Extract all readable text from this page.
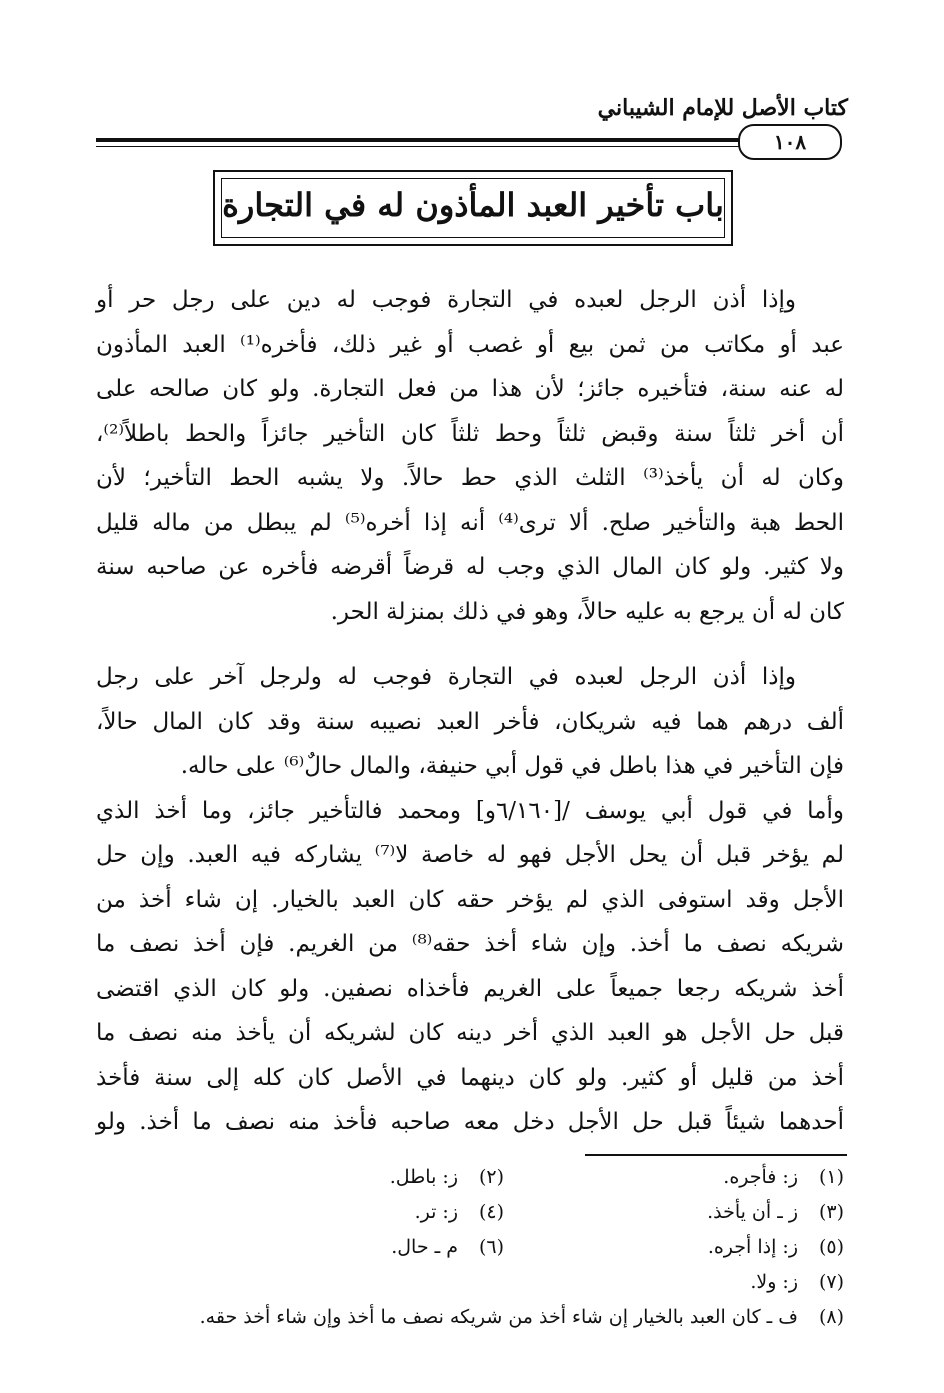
كتاب الأصل للإمام الشيباني
١٠٨
باب تأخير العبد المأذون له في التجارة
وإذا أذن الرجل لعبده في التجارة فوجب له دين على رجل حر أو
عبد أو مكاتب من ثمن بيع أو غصب أو غير ذلك، فأخره⁽¹⁾ العبد المأذون
له عنه سنة، فتأخيره جائز؛ لأن هذا من فعل التجارة. ولو كان صالحه على
أن أخر ثلثاً سنة وقبض ثلثاً وحط ثلثاً كان التأخير جائزاً والحط باطلاً⁽²⁾،
وكان له أن يأخذ⁽³⁾ الثلث الذي حط حالاً. ولا يشبه الحط التأخير؛ لأن
الحط هبة والتأخير صلح. ألا ترى⁽⁴⁾ أنه إذا أخره⁽⁵⁾ لم يبطل من ماله قليل
ولا كثير. ولو كان المال الذي وجب له قرضاً أقرضه فأخره عن صاحبه سنة
كان له أن يرجع به عليه حالاً، وهو في ذلك بمنزلة الحر.
وإذا أذن الرجل لعبده في التجارة فوجب له ولرجل آخر على رجل
ألف درهم هما فيه شريكان، فأخر العبد نصيبه سنة وقد كان المال حالاً،
فإن التأخير في هذا باطل في قول أبي حنيفة، والمال حالٌ⁽⁶⁾ على حاله.
وأما في قول أبي يوسف /[٦/١٦٠و] ومحمد فالتأخير جائز، وما أخذ الذي
لم يؤخر قبل أن يحل الأجل فهو له خاصة لا⁽⁷⁾ يشاركه فيه العبد. وإن حل
الأجل وقد استوفى الذي لم يؤخر حقه كان العبد بالخيار. إن شاء أخذ من
شريكه نصف ما أخذ. وإن شاء أخذ حقه⁽⁸⁾ من الغريم. فإن أخذ نصف ما
أخذ شريكه رجعا جميعاً على الغريم فأخذاه نصفين. ولو كان الذي اقتضى
قبل حل الأجل هو العبد الذي أخر دينه كان لشريكه أن يأخذ منه نصف ما
أخذ من قليل أو كثير. ولو كان دينهما في الأصل كان كله إلى سنة فأخذ
أحدهما شيئاً قبل حل الأجل دخل معه صاحبه فأخذ منه نصف ما أخذ. ولو
(١)
ز: فأجره.
(٢)
ز: باطل.
(٣)
ز ـ أن يأخذ.
(٤)
ز: تر.
(٥)
ز: إذا أجره.
(٦)
م ـ حال.
(٧)
ز: ولا.
(٨)
ف ـ كان العبد بالخيار إن شاء أخذ من شريكه نصف ما أخذ وإن شاء أخذ حقه.
